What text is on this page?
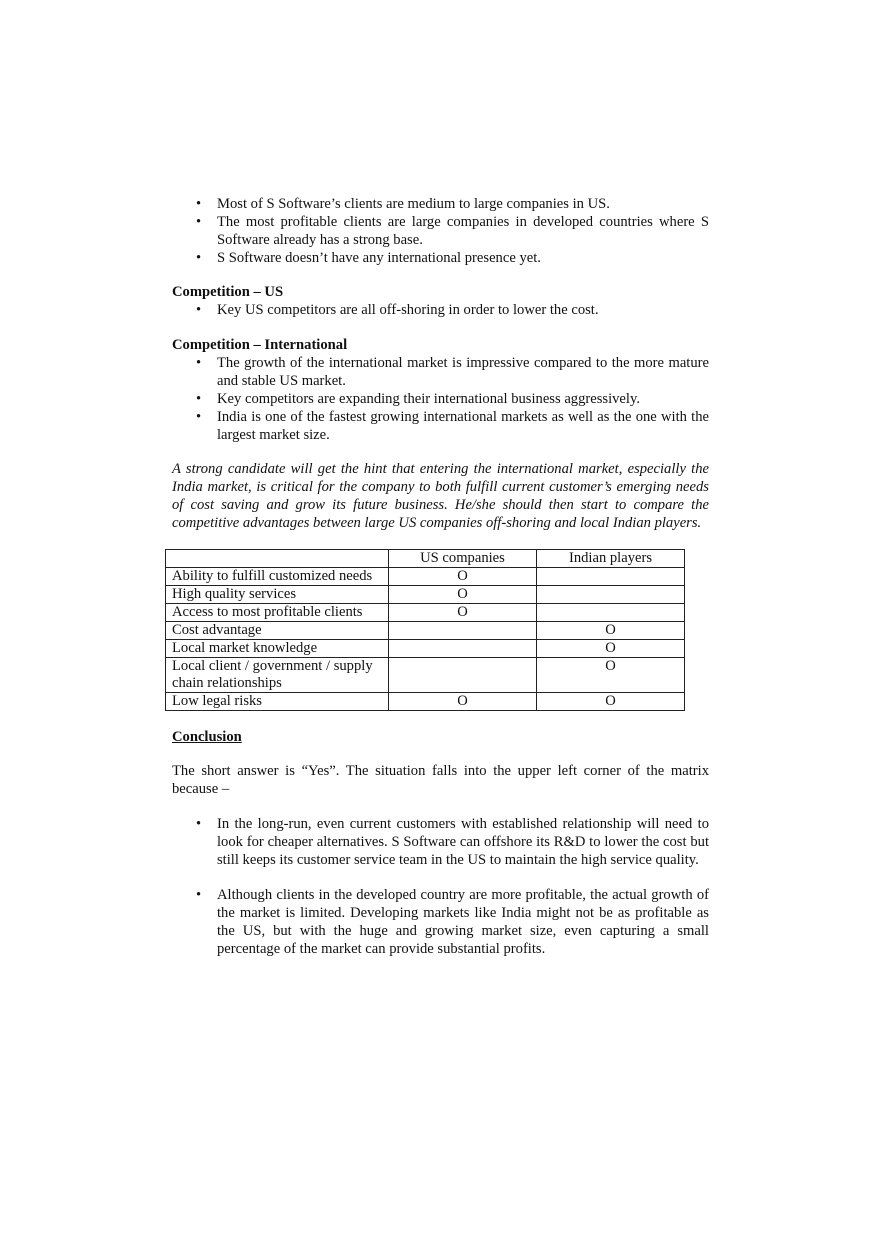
• Most of S Software’s clients are medium to large companies in US.
• The most profitable clients are large companies in developed countries where S Software already has a strong base.
• S Software doesn’t have any international presence yet.
Competition – US
• Key US competitors are all off-shoring in order to lower the cost.
Competition – International
• The growth of the international market is impressive compared to the more mature and stable US market.
• Key competitors are expanding their international business aggressively.
• India is one of the fastest growing international markets as well as the one with the largest market size.
A strong candidate will get the hint that entering the international market, especially the India market, is critical for the company to both fulfill current customer’s emerging needs of cost saving and grow its future business. He/she should then start to compare the competitive advantages between large US companies off-shoring and local Indian players.
	US companies	Indian players
Ability to fulfill customized needs	O	
High quality services	O	
Access to most profitable clients	O	
Cost advantage		O
Local market knowledge		O
Local client / government / supply chain relationships		O
Low legal risks	O	O
Conclusion
The short answer is “Yes”. The situation falls into the upper left corner of the matrix because –
• In the long-run, even current customers with established relationship will need to look for cheaper alternatives. S Software can offshore its R&D to lower the cost but still keeps its customer service team in the US to maintain the high service quality.
• Although clients in the developed country are more profitable, the actual growth of the market is limited. Developing markets like India might not be as profitable as the US, but with the huge and growing market size, even capturing a small percentage of the market can provide substantial profits.
